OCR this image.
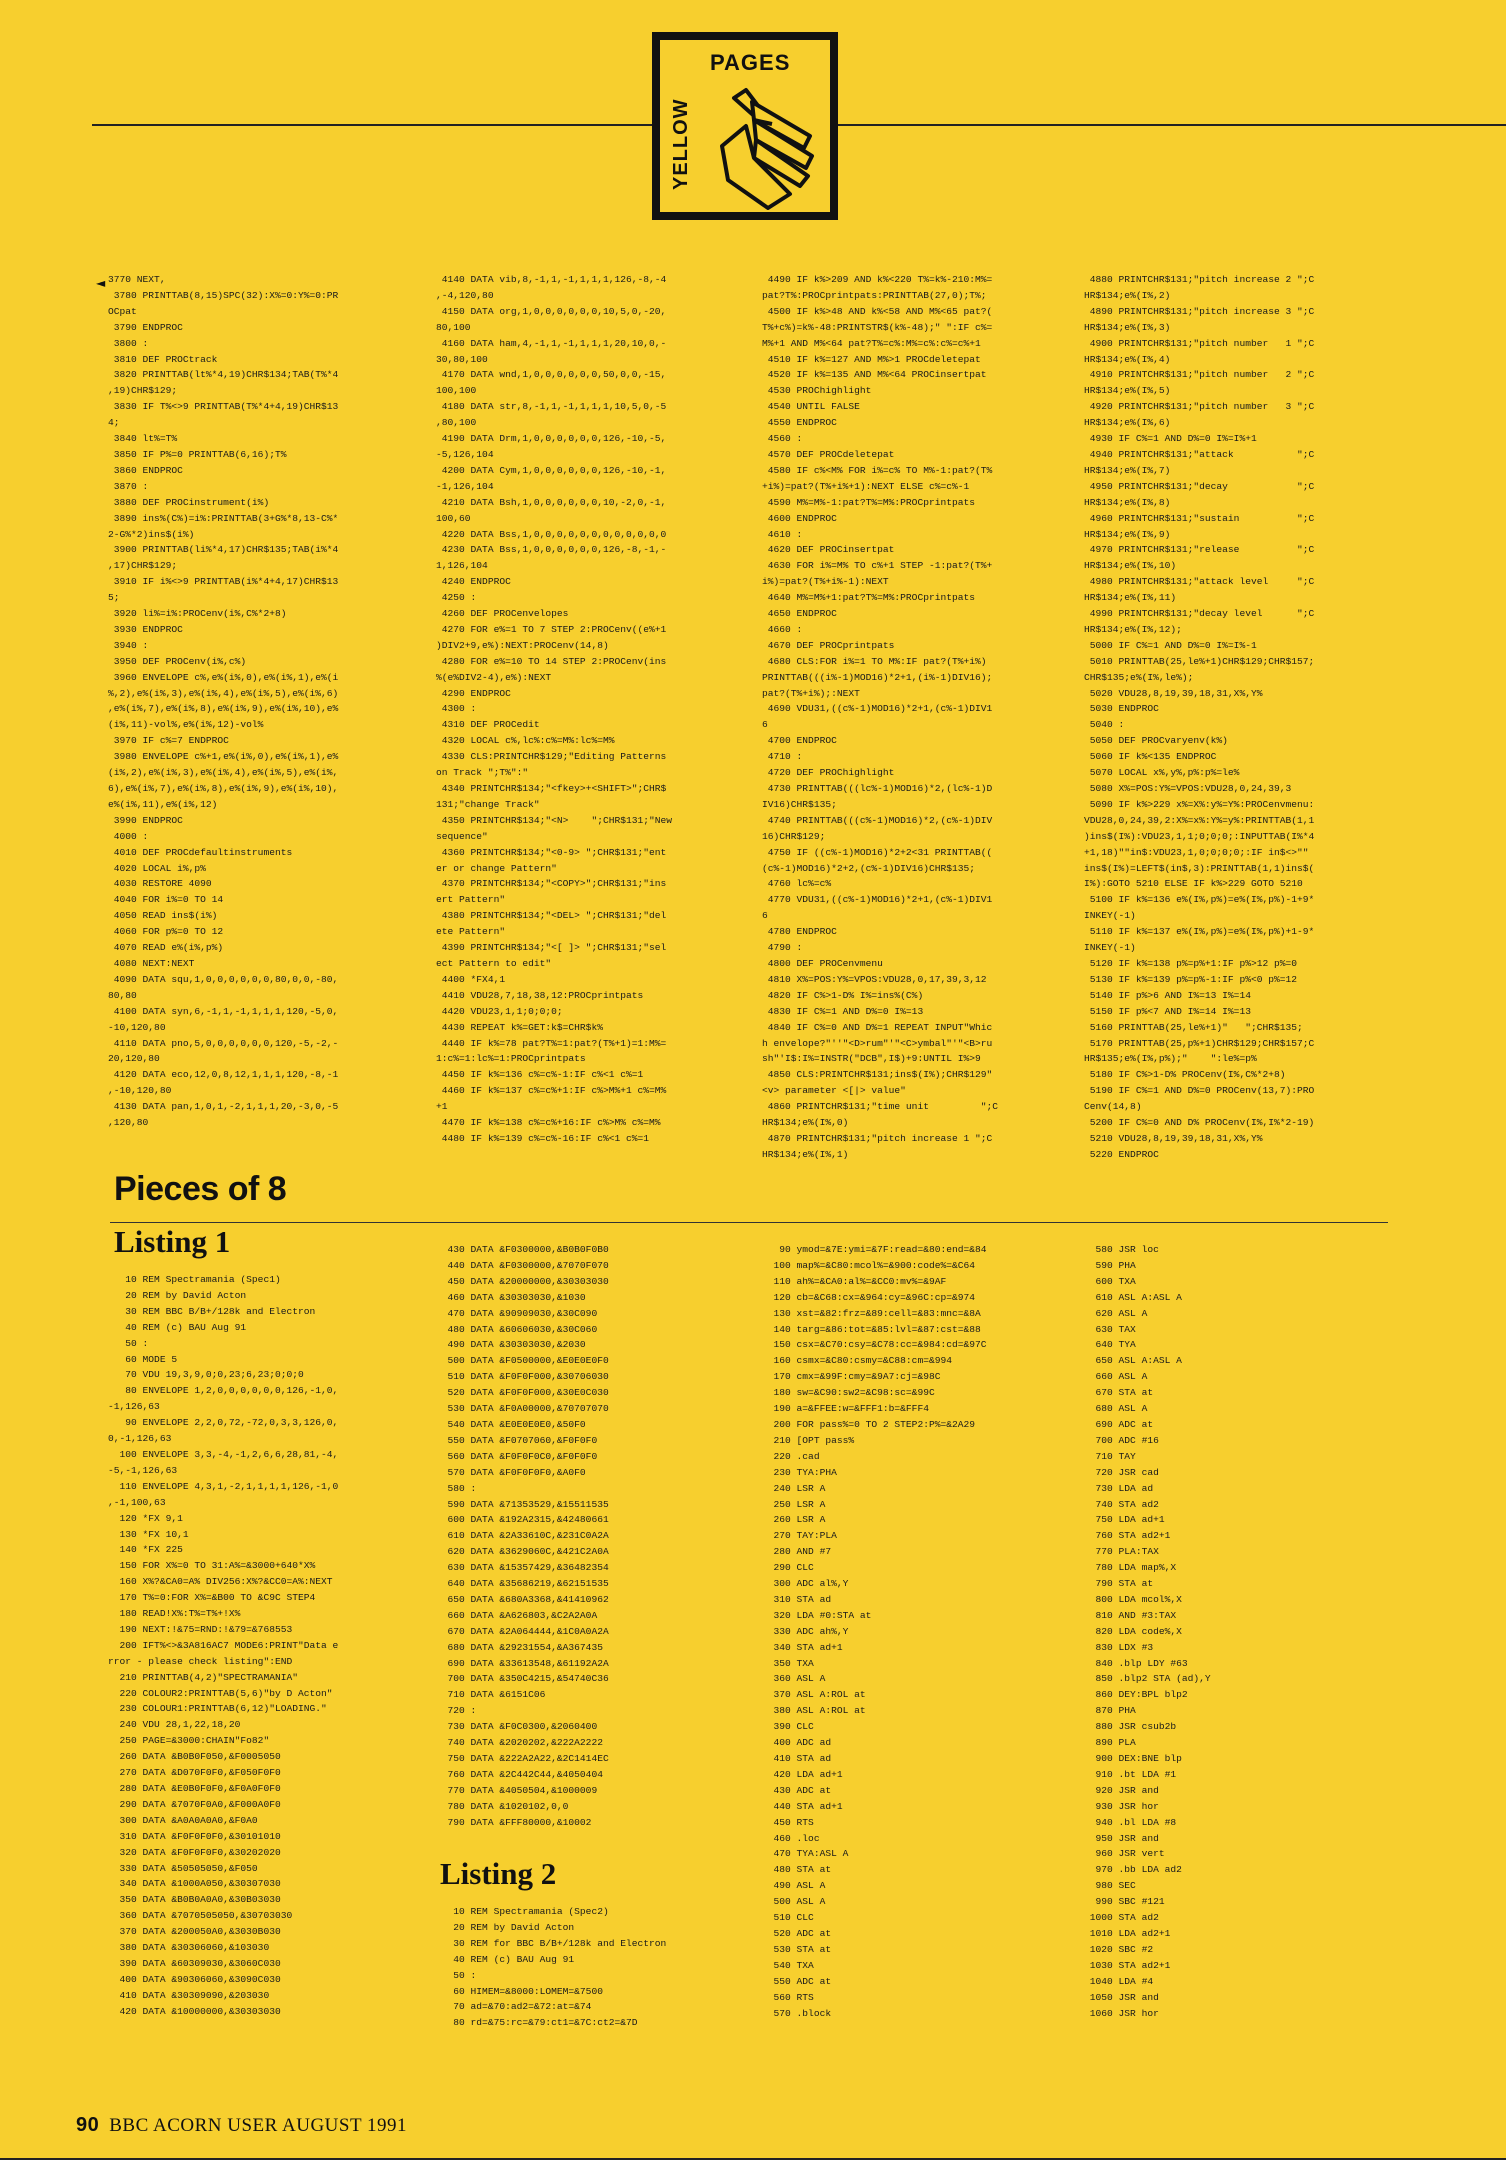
PAGES
YELLOW
◄ 3770 NEXT,
3780 PRINTTAB(8,15)SPC(32):X%=0:Y%=0:PR
OCpat
3790 ENDPROC
3800 :
3810 DEF PROCtrack
3820 PRINTTAB(lt%*4,19)CHR$134;TAB(T%*4
,19)CHR$129;
3830 IF T%<>9 PRINTTAB(T%*4+4,19)CHR$13
4;
3840 lt%=T%
3850 IF P%=0 PRINTTAB(6,16);T%
3860 ENDPROC
3870 :
3880 DEF PROCinstrument(i%)
3890 ins%(C%)=i%:PRINTTAB(3+G%*8,13-C%*
2-G%*2)ins$(i%)
3900 PRINTTAB(li%*4,17)CHR$135;TAB(i%*4
,17)CHR$129;
3910 IF i%<>9 PRINTTAB(i%*4+4,17)CHR$13
5;
3920 li%=i%:PROCenv(i%,C%*2+8)
3930 ENDPROC
3940 :
3950 DEF PROCenv(i%,c%)
3960 ENVELOPE c%,e%(i%,0),e%(i%,1),e%(i
%,2),e%(i%,3),e%(i%,4),e%(i%,5),e%(i%,6)
,e%(i%,7),e%(i%,8),e%(i%,9),e%(i%,10),e%
(i%,11)-vol%,e%(i%,12)-vol%
3970 IF c%=7 ENDPROC
3980 ENVELOPE c%+1,e%(i%,0),e%(i%,1),e%
(i%,2),e%(i%,3),e%(i%,4),e%(i%,5),e%(i%,
6),e%(i%,7),e%(i%,8),e%(i%,9),e%(i%,10),
e%(i%,11),e%(i%,12)
3990 ENDPROC
4000 :
4010 DEF PROCdefaultinstruments
4020 LOCAL i%,p%
4030 RESTORE 4090
4040 FOR i%=0 TO 14
4050 READ ins$(i%)
4060 FOR p%=0 TO 12
4070 READ e%(i%,p%)
4080 NEXT:NEXT
4090 DATA squ,1,0,0,0,0,0,0,80,0,0,-80,
80,80
4100 DATA syn,6,-1,1,-1,1,1,1,120,-5,0,
-10,120,80
4110 DATA pno,5,0,0,0,0,0,0,120,-5,-2,-
20,120,80
4120 DATA eco,12,0,8,12,1,1,1,120,-8,-1
,-10,120,80
4130 DATA pan,1,0,1,-2,1,1,1,20,-3,0,-5
,120,80
4140 DATA vib,8,-1,1,-1,1,1,1,126,-8,-4
,-4,120,80
4150 DATA org,1,0,0,0,0,0,0,10,5,0,-20,
80,100
4160 DATA ham,4,-1,1,-1,1,1,1,20,10,0,-
30,80,100
4170 DATA wnd,1,0,0,0,0,0,0,50,0,0,-15,
100,100
4180 DATA str,8,-1,1,-1,1,1,1,10,5,0,-5
,80,100
4190 DATA Drm,1,0,0,0,0,0,0,126,-10,-5,
-5,126,104
4200 DATA Cym,1,0,0,0,0,0,0,126,-10,-1,
-1,126,104
4210 DATA Bsh,1,0,0,0,0,0,0,10,-2,0,-1,
100,60
4220 DATA Bss,1,0,0,0,0,0,0,0,0,0,0,0,0
4230 DATA Bss,1,0,0,0,0,0,0,126,-8,-1,-
1,126,104
4240 ENDPROC
4250 :
4260 DEF PROCenvelopes
4270 FOR e%=1 TO 7 STEP 2:PROCenv((e%+1
)DIV2+9,e%):NEXT:PROCenv(14,8)
4280 FOR e%=10 TO 14 STEP 2:PROCenv(ins
%(e%DIV2-4),e%):NEXT
4290 ENDPROC
4300 :
4310 DEF PROCedit
4320 LOCAL c%,lc%:c%=M%:lc%=M%
4330 CLS:PRINTCHR$129;"Editing Patterns
on Track ";T%":"
4340 PRINTCHR$134;"<fkey>+<SHIFT>";CHR$
131;"change Track"
4350 PRINTCHR$134;"<N>    ";CHR$131;"New
sequence"
4360 PRINTCHR$134;"<0-9> ";CHR$131;"ent
er or change Pattern"
4370 PRINTCHR$134;"<COPY>";CHR$131;"ins
ert Pattern"
4380 PRINTCHR$134;"<DEL> ";CHR$131;"del
ete Pattern"
4390 PRINTCHR$134;"<[ ]> ";CHR$131;"sel
ect Pattern to edit"
4400 *FX4,1
4410 VDU28,7,18,38,12:PROCprintpats
4420 VDU23,1,1;0;0;0;
4430 REPEAT k%=GET:k$=CHR$k%
4440 IF k%=78 pat?T%=1:pat?(T%+1)=1:M%=
1:c%=1:lc%=1:PROCprintpats
4450 IF k%=136 c%=c%-1:IF c%<1 c%=1
4460 IF k%=137 c%=c%+1:IF c%>M%+1 c%=M%
+1
4470 IF k%=138 c%=c%+16:IF c%>M% c%=M%
4480 IF k%=139 c%=c%-16:IF c%<1 c%=1
4490 IF k%>209 AND k%<220 T%=k%-210:M%=
pat?T%:PROCprintpats:PRINTTAB(27,0);T%;
4500 IF k%>48 AND k%<58 AND M%<65 pat?(
T%+c%)=k%-48:PRINTSTR$(k%-48);" ":IF c%=
M%+1 AND M%<64 pat?T%=c%:M%=c%:c%=c%+1
4510 IF k%=127 AND M%>1 PROCdeletepat
4520 IF k%=135 AND M%<64 PROCinsertpat
4530 PROChighlight
4540 UNTIL FALSE
4550 ENDPROC
4560 :
4570 DEF PROCdeletepat
4580 IF c%<M% FOR i%=c% TO M%-1:pat?(T%
+i%)=pat?(T%+i%+1):NEXT ELSE c%=c%-1
4590 M%=M%-1:pat?T%=M%:PROCprintpats
4600 ENDPROC
4610 :
4620 DEF PROCinsertpat
4630 FOR i%=M% TO c%+1 STEP -1:pat?(T%+
i%)=pat?(T%+i%-1):NEXT
4640 M%=M%+1:pat?T%=M%:PROCprintpats
4650 ENDPROC
4660 :
4670 DEF PROCprintpats
4680 CLS:FOR i%=1 TO M%:IF pat?(T%+i%)
PRINTTAB(((i%-1)MOD16)*2+1,(i%-1)DIV16);
pat?(T%+i%);:NEXT
4690 VDU31,((c%-1)MOD16)*2+1,(c%-1)DIV1
6
4700 ENDPROC
4710 :
4720 DEF PROChighlight
4730 PRINTTAB(((lc%-1)MOD16)*2,(lc%-1)D
IV16)CHR$135;
4740 PRINTTAB(((c%-1)MOD16)*2,(c%-1)DIV
16)CHR$129;
4750 IF ((c%-1)MOD16)*2+2<31 PRINTTAB((
(c%-1)MOD16)*2+2,(c%-1)DIV16)CHR$135;
4760 lc%=c%
4770 VDU31,((c%-1)MOD16)*2+1,(c%-1)DIV1
6
4780 ENDPROC
4790 :
4800 DEF PROCenvmenu
4810 X%=POS:Y%=VPOS:VDU28,0,17,39,3,12
4820 IF C%>1-D% I%=ins%(C%)
4830 IF C%=1 AND D%=0 I%=13
4840 IF C%=0 AND D%=1 REPEAT INPUT"Whic
h envelope?"''"<D>rum"'"<C>ymbal"'"<B>ru
sh"'I$:I%=INSTR("DCB",I$)+9:UNTIL I%>9
4850 CLS:PRINTCHR$131;ins$(I%);CHR$129"
<v> parameter <[|> value"
4860 PRINTCHR$131;"time unit         ";C
HR$134;e%(I%,0)
4870 PRINTCHR$131;"pitch increase 1 ";C
HR$134;e%(I%,1)
4880 PRINTCHR$131;"pitch increase 2 ";C
HR$134;e%(I%,2)
4890 PRINTCHR$131;"pitch increase 3 ";C
HR$134;e%(I%,3)
4900 PRINTCHR$131;"pitch number   1 ";C
HR$134;e%(I%,4)
4910 PRINTCHR$131;"pitch number   2 ";C
HR$134;e%(I%,5)
4920 PRINTCHR$131;"pitch number   3 ";C
HR$134;e%(I%,6)
4930 IF C%=1 AND D%=0 I%=I%+1
4940 PRINTCHR$131;"attack           ";C
HR$134;e%(I%,7)
4950 PRINTCHR$131;"decay            ";C
HR$134;e%(I%,8)
4960 PRINTCHR$131;"sustain          ";C
HR$134;e%(I%,9)
4970 PRINTCHR$131;"release          ";C
HR$134;e%(I%,10)
4980 PRINTCHR$131;"attack level     ";C
HR$134;e%(I%,11)
4990 PRINTCHR$131;"decay level      ";C
HR$134;e%(I%,12);
5000 IF C%=1 AND D%=0 I%=I%-1
5010 PRINTTAB(25,le%+1)CHR$129;CHR$157;
CHR$135;e%(I%,le%);
5020 VDU28,8,19,39,18,31,X%,Y%
5030 ENDPROC
5040 :
5050 DEF PROCvaryenv(k%)
5060 IF k%<135 ENDPROC
5070 LOCAL x%,y%,p%:p%=le%
5080 X%=POS:Y%=VPOS:VDU28,0,24,39,3
5090 IF k%>229 x%=X%:y%=Y%:PROCenvmenu:
VDU28,0,24,39,2:X%=x%:Y%=y%:PRINTTAB(1,1
)ins$(I%):VDU23,1,1;0;0;0;:INPUTTAB(I%*4
+1,18)""in$:VDU23,1,0;0;0;0;:IF in$<>""
ins$(I%)=LEFT$(in$,3):PRINTTAB(1,1)ins$(
I%):GOTO 5210 ELSE IF k%>229 GOTO 5210
5100 IF k%=136 e%(I%,p%)=e%(I%,p%)-1+9*
INKEY(-1)
5110 IF k%=137 e%(I%,p%)=e%(I%,p%)+1-9*
INKEY(-1)
5120 IF k%=138 p%=p%+1:IF p%>12 p%=0
5130 IF k%=139 p%=p%-1:IF p%<0 p%=12
5140 IF p%>6 AND I%=13 I%=14
5150 IF p%<7 AND I%=14 I%=13
5160 PRINTTAB(25,le%+1)"   ";CHR$135;
5170 PRINTTAB(25,p%+1)CHR$129;CHR$157;C
HR$135;e%(I%,p%);"    ":le%=p%
5180 IF C%>1-D% PROCenv(I%,C%*2+8)
5190 IF C%=1 AND D%=0 PROCenv(13,7):PRO
Cenv(14,8)
5200 IF C%=0 AND D% PROCenv(I%,I%*2-19)
5210 VDU28,8,19,39,18,31,X%,Y%
5220 ENDPROC
Pieces of 8
Listing 1
10 REM Spectramania (Spec1)
20 REM by David Acton
30 REM BBC B/B+/128k and Electron
40 REM (c) BAU Aug 91
50 :
60 MODE 5
70 VDU 19,3,9,0;0,23;6,23;0;0;0
80 ENVELOPE 1,2,0,0,0,0,0,0,126,-1,0,
-1,126,63
90 ENVELOPE 2,2,0,72,-72,0,3,3,126,0,
0,-1,126,63
100 ENVELOPE 3,3,-4,-1,2,6,6,28,81,-4,
-5,-1,126,63
110 ENVELOPE 4,3,1,-2,1,1,1,1,126,-1,0
,-1,100,63
120 *FX 9,1
130 *FX 10,1
140 *FX 225
150 FOR X%=0 TO 31:A%=&3000+640*X%
160 X%?&CA0=A% DIV256:X%?&CC0=A%:NEXT
170 T%=0:FOR X%=&B00 TO &C9C STEP4
180 READ!X%:T%=T%+!X%
190 NEXT:!&75=RND:!&79=&768553
200 IFT%<>&3A816AC7 MODE6:PRINT"Data e
rror - please check listing":END
210 PRINTTAB(4,2)"SPECTRAMANIA"
220 COLOUR2:PRINTTAB(5,6)"by D Acton"
230 COLOUR1:PRINTTAB(6,12)"LOADING."
240 VDU 28,1,22,18,20
250 PAGE=&3000:CHAIN"Fo82"
260 DATA &B0B0F050,&F0005050
270 DATA &D070F0F0,&F050F0F0
280 DATA &E0B0F0F0,&F0A0F0F0
290 DATA &7070F0A0,&F000A0F0
300 DATA &A0A0A0A0,&F0A0
310 DATA &F0F0F0F0,&30101010
320 DATA &F0F0F0F0,&30202020
330 DATA &50505050,&F050
340 DATA &1000A050,&30307030
350 DATA &B0B0A0A0,&30B03030
360 DATA &7070505050,&30703030
370 DATA &200050A0,&3030B030
380 DATA &30306060,&103030
390 DATA &60309030,&3060C030
400 DATA &90306060,&3090C030
410 DATA &30309090,&203030
420 DATA &10000000,&30303030
430 DATA &F0300000,&B0B0F0B0
440 DATA &F0300000,&7070F070
450 DATA &20000000,&30303030
460 DATA &30303030,&1030
470 DATA &90909030,&30C090
480 DATA &60606030,&30C060
490 DATA &30303030,&2030
500 DATA &F0500000,&E0E0E0F0
510 DATA &F0F0F000,&30706030
520 DATA &F0F0F000,&30E0C030
530 DATA &F0A00000,&70707070
540 DATA &E0E0E0E0,&50F0
550 DATA &F0707060,&F0F0F0
560 DATA &F0F0F0C0,&F0F0F0
570 DATA &F0F0F0F0,&A0F0
580 :
590 DATA &71353529,&15511535
600 DATA &192A2315,&42480661
610 DATA &2A33610C,&231C0A2A
620 DATA &3629060C,&421C2A0A
630 DATA &15357429,&36482354
640 DATA &35686219,&62151535
650 DATA &680A3368,&41410962
660 DATA &A626803,&C2A2A0A
670 DATA &2A064444,&1C0A0A2A
680 DATA &29231554,&A367435
690 DATA &33613548,&61192A2A
700 DATA &350C4215,&54740C36
710 DATA &6151C06
720 :
730 DATA &F0C0300,&2060400
740 DATA &2020202,&222A2222
750 DATA &222A2A22,&2C1414EC
760 DATA &2C442C44,&4050404
770 DATA &4050504,&1000009
780 DATA &1020102,0,0
790 DATA &FFF80000,&10002
Listing 2
10 REM Spectramania (Spec2)
20 REM by David Acton
30 REM for BBC B/B+/128k and Electron
40 REM (c) BAU Aug 91
50 :
60 HIMEM=&8000:LOMEM=&7500
70 ad=&70:ad2=&72:at=&74
80 rd=&75:rc=&79:ct1=&7C:ct2=&7D
90 ymod=&7E:ymi=&7F:read=&80:end=&84
100 map%=&C80:mcol%=&900:code%=&C64
110 ah%=&CA0:al%=&CC0:mv%=&9AF
120 cb=&C68:cx=&964:cy=&96C:cp=&974
130 xst=&82:frz=&89:cell=&83:mnc=&8A
140 targ=&86:tot=&85:lvl=&87:cst=&88
150 csx=&C70:csy=&C78:cc=&984:cd=&97C
160 csmx=&C80:csmy=&C88:cm=&994
170 cmx=&99F:cmy=&9A7:cj=&98C
180 sw=&C90:sw2=&C98:sc=&99C
190 a=&FFEE:w=&FFF1:b=&FFF4
200 FOR pass%=0 TO 2 STEP2:P%=&2A29
210 [OPT pass%
220 .cad
230 TYA:PHA
240 LSR A
250 LSR A
260 LSR A
270 TAY:PLA
280 AND #7
290 CLC
300 ADC al%,Y
310 STA ad
320 LDA #0:STA at
330 ADC ah%,Y
340 STA ad+1
350 TXA
360 ASL A
370 ASL A:ROL at
380 ASL A:ROL at
390 CLC
400 ADC ad
410 STA ad
420 LDA ad+1
430 ADC at
440 STA ad+1
450 RTS
460 .loc
470 TYA:ASL A
480 STA at
490 ASL A
500 ASL A
510 CLC
520 ADC at
530 STA at
540 TXA
550 ADC at
560 RTS
570 .block
580 JSR loc
590 PHA
600 TXA
610 ASL A:ASL A
620 ASL A
630 TAX
640 TYA
650 ASL A:ASL A
660 ASL A
670 STA at
680 ASL A
690 ADC at
700 ADC #16
710 TAY
720 JSR cad
730 LDA ad
740 STA ad2
750 LDA ad+1
760 STA ad2+1
770 PLA:TAX
780 LDA map%,X
790 STA at
800 LDA mcol%,X
810 AND #3:TAX
820 LDA code%,X
830 LDX #3
840 .blp LDY #63
850 .blp2 STA (ad),Y
860 DEY:BPL blp2
870 PHA
880 JSR csub2b
890 PLA
900 DEX:BNE blp
910 .bt LDA #1
920 JSR and
930 JSR hor
940 .bl LDA #8
950 JSR and
960 JSR vert
970 .bb LDA ad2
980 SEC
990 SBC #121
1000 STA ad2
1010 LDA ad2+1
1020 SBC #2
1030 STA ad2+1
1040 LDA #4
1050 JSR and
1060 JSR hor
90 BBC ACORN USER AUGUST 1991
